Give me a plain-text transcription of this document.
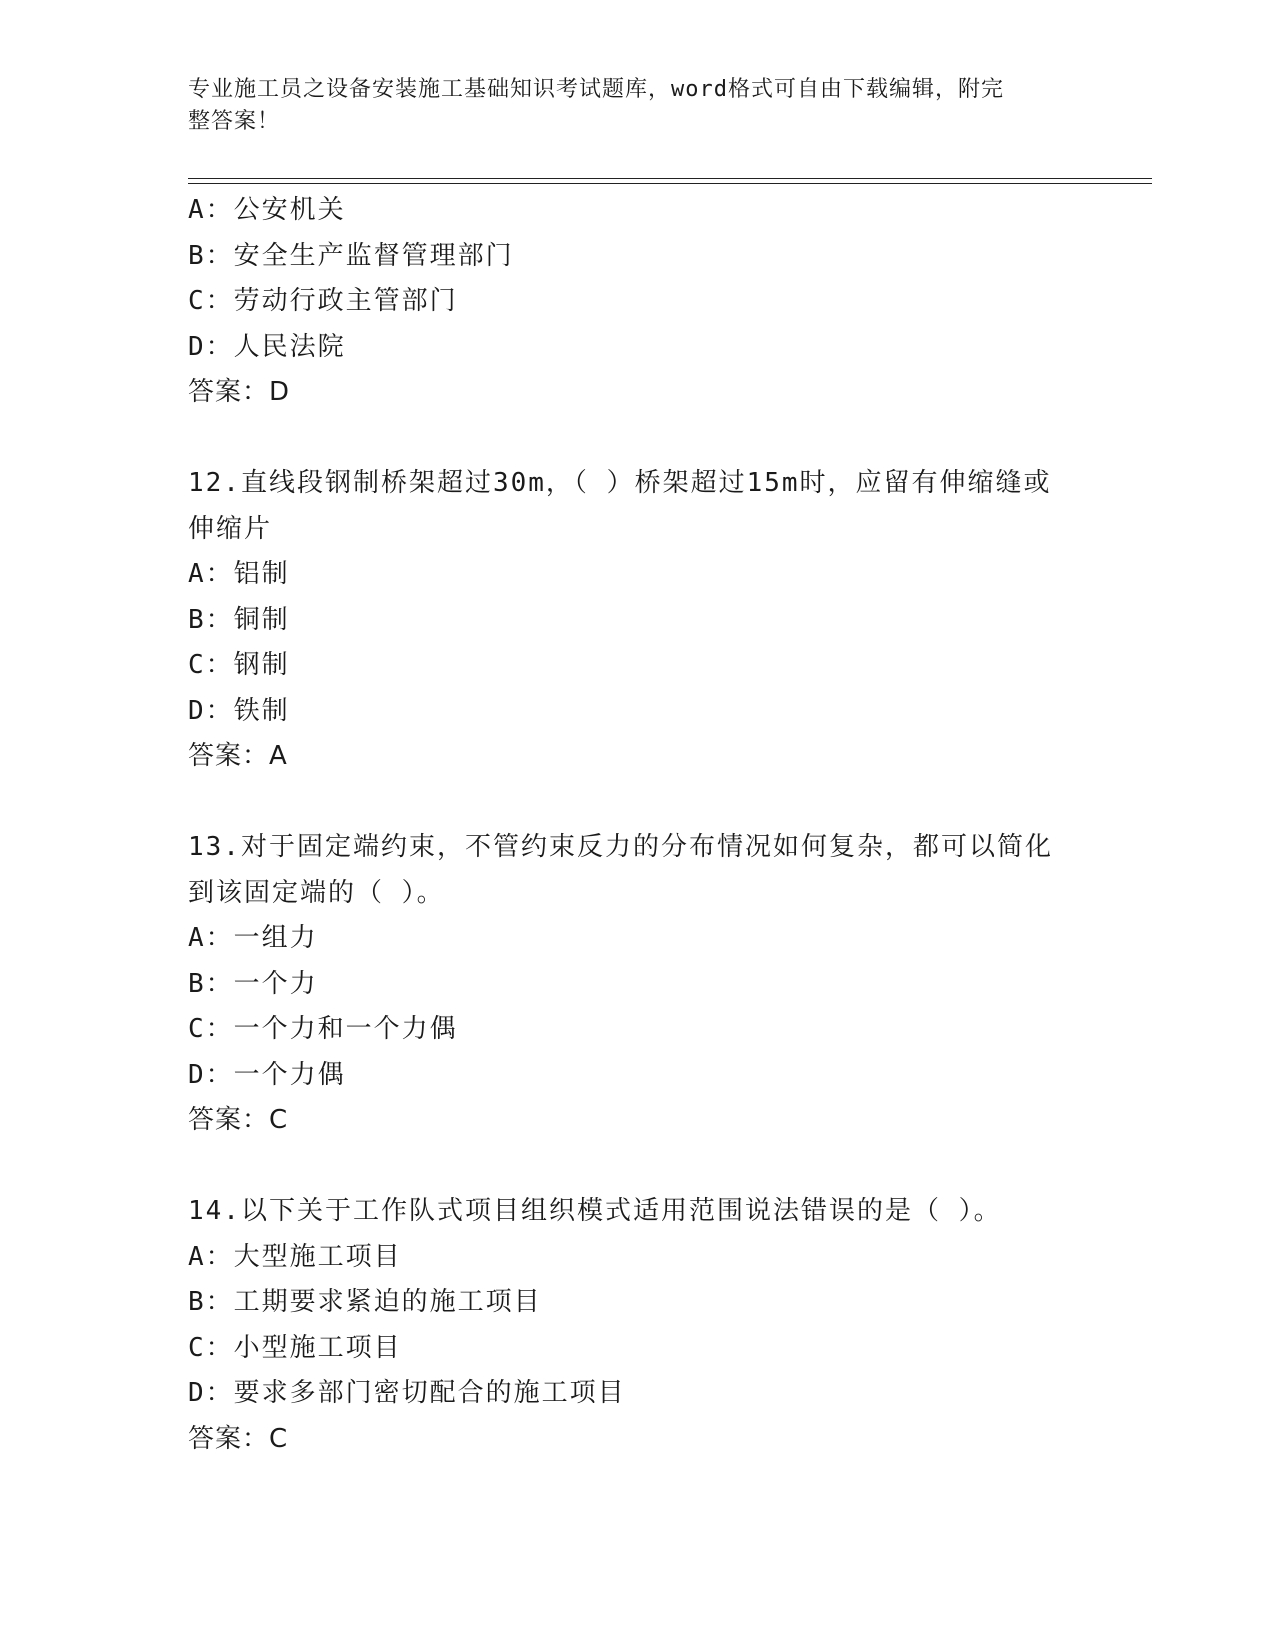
专业施工员之设备安装施工基础知识考试题库，word格式可自由下载编辑，附完
整答案！
A：公安机关
B：安全生产监督管理部门
C：劳动行政主管部门
D：人民法院
答案：D
12.直线段钢制桥架超过30m，（ ）桥架超过15m时，应留有伸缩缝或
伸缩片
A：铝制
B：铜制
C：钢制
D：铁制
答案：A
13.对于固定端约束，不管约束反力的分布情况如何复杂，都可以简化
到该固定端的（ ）。
A：一组力
B：一个力
C：一个力和一个力偶
D：一个力偶
答案：C
14.以下关于工作队式项目组织模式适用范围说法错误的是（ ）。
A：大型施工项目
B：工期要求紧迫的施工项目
C：小型施工项目
D：要求多部门密切配合的施工项目
答案：C
